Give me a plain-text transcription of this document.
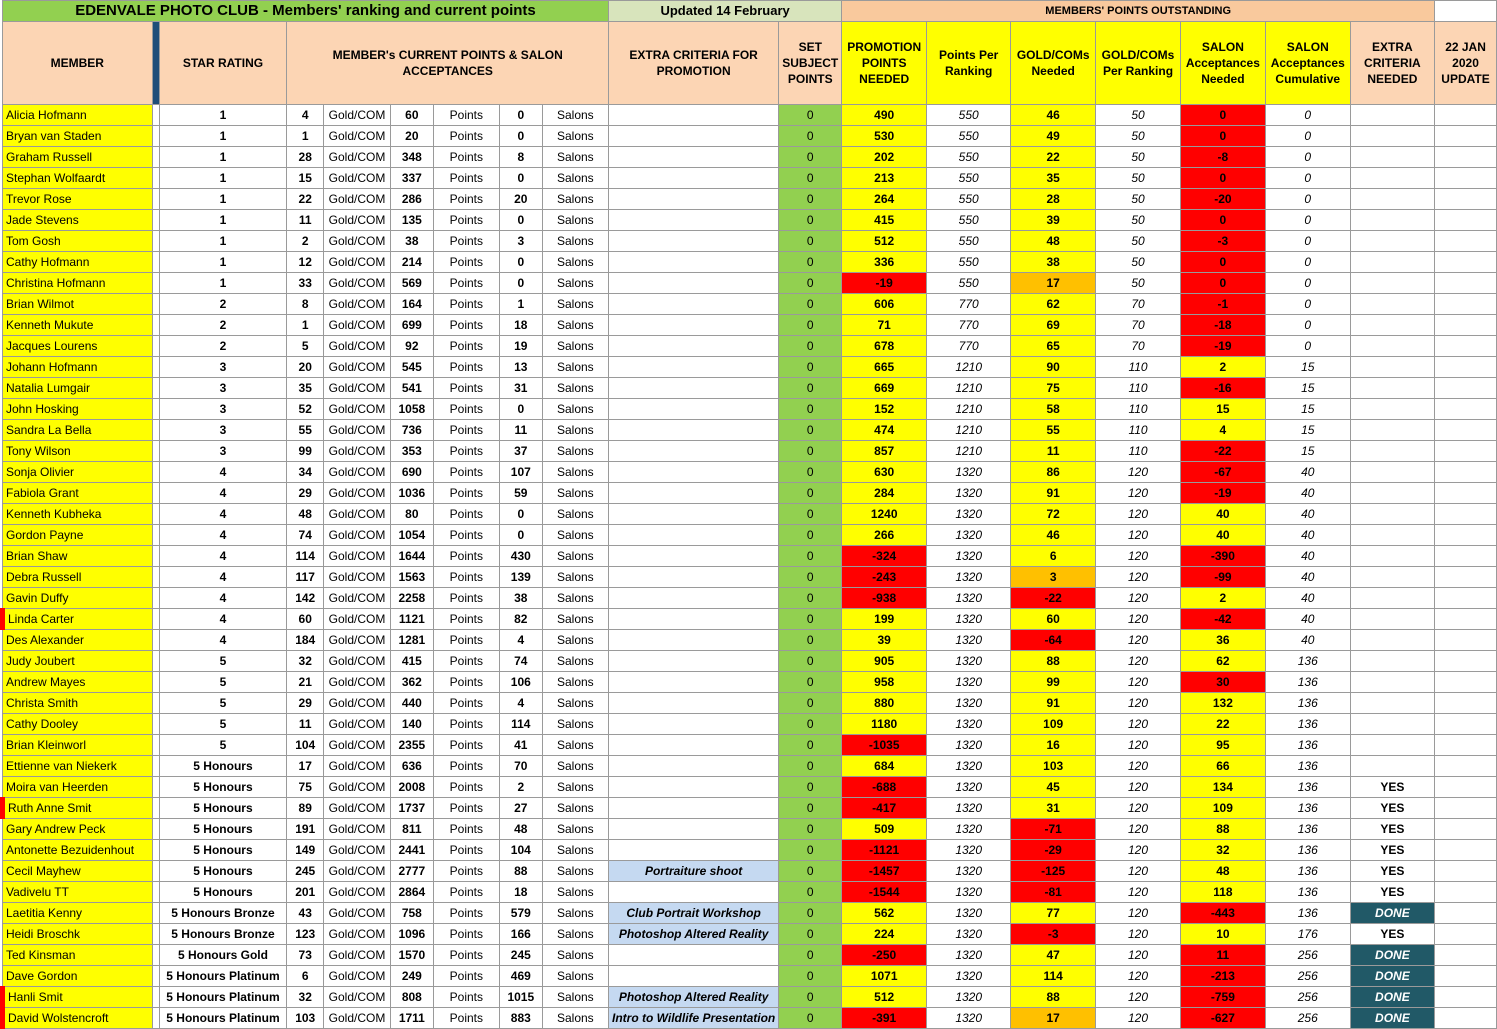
EDENVALE PHOTO CLUB - Members' ranking and current points									Updated 14 February		MEMBERS' POINTS OUTSTANDING							
MEMBER		STAR RATING	MEMBER's CURRENT POINTS & SALON ACCEPTANCES						EXTRA CRITERIA FOR PROMOTION	SET SUBJECT POINTS	PROMOTION POINTS NEEDED	Points Per Ranking	GOLD/COMs Needed	GOLD/COMs Per Ranking	SALON Acceptances Needed	SALON Acceptances Cumulative	EXTRA CRITERIA NEEDED	22 JAN 2020 UPDATE
Alicia Hofmann		1	4	Gold/COM	60	Points	0	Salons		0	490	550	46	50	0	0		
Bryan van Staden		1	1	Gold/COM	20	Points	0	Salons		0	530	550	49	50	0	0		
Graham Russell		1	28	Gold/COM	348	Points	8	Salons		0	202	550	22	50	-8	0		
Stephan Wolfaardt		1	15	Gold/COM	337	Points	0	Salons		0	213	550	35	50	0	0		
Trevor Rose		1	22	Gold/COM	286	Points	20	Salons		0	264	550	28	50	-20	0		
Jade Stevens		1	11	Gold/COM	135	Points	0	Salons		0	415	550	39	50	0	0		
Tom Gosh		1	2	Gold/COM	38	Points	3	Salons		0	512	550	48	50	-3	0		
Cathy Hofmann		1	12	Gold/COM	214	Points	0	Salons		0	336	550	38	50	0	0		
Christina Hofmann		1	33	Gold/COM	569	Points	0	Salons		0	-19	550	17	50	0	0		
Brian Wilmot		2	8	Gold/COM	164	Points	1	Salons		0	606	770	62	70	-1	0		
Kenneth Mukute		2	1	Gold/COM	699	Points	18	Salons		0	71	770	69	70	-18	0		
Jacques Lourens		2	5	Gold/COM	92	Points	19	Salons		0	678	770	65	70	-19	0		
Johann Hofmann		3	20	Gold/COM	545	Points	13	Salons		0	665	1210	90	110	2	15		
Natalia Lumgair		3	35	Gold/COM	541	Points	31	Salons		0	669	1210	75	110	-16	15		
John Hosking		3	52	Gold/COM	1058	Points	0	Salons		0	152	1210	58	110	15	15		
Sandra La Bella		3	55	Gold/COM	736	Points	11	Salons		0	474	1210	55	110	4	15		
Tony Wilson		3	99	Gold/COM	353	Points	37	Salons		0	857	1210	11	110	-22	15		
Sonja Olivier		4	34	Gold/COM	690	Points	107	Salons		0	630	1320	86	120	-67	40		
Fabiola Grant		4	29	Gold/COM	1036	Points	59	Salons		0	284	1320	91	120	-19	40		
Kenneth Kubheka		4	48	Gold/COM	80	Points	0	Salons		0	1240	1320	72	120	40	40		
Gordon Payne		4	74	Gold/COM	1054	Points	0	Salons		0	266	1320	46	120	40	40		
Brian Shaw		4	114	Gold/COM	1644	Points	430	Salons		0	-324	1320	6	120	-390	40		
Debra Russell		4	117	Gold/COM	1563	Points	139	Salons		0	-243	1320	3	120	-99	40		
Gavin Duffy		4	142	Gold/COM	2258	Points	38	Salons		0	-938	1320	-22	120	2	40		
Linda Carter		4	60	Gold/COM	1121	Points	82	Salons		0	199	1320	60	120	-42	40		
Des Alexander		4	184	Gold/COM	1281	Points	4	Salons		0	39	1320	-64	120	36	40		
Judy Joubert		5	32	Gold/COM	415	Points	74	Salons		0	905	1320	88	120	62	136		
Andrew Mayes		5	21	Gold/COM	362	Points	106	Salons		0	958	1320	99	120	30	136		
Christa Smith		5	29	Gold/COM	440	Points	4	Salons		0	880	1320	91	120	132	136		
Cathy Dooley		5	11	Gold/COM	140	Points	114	Salons		0	1180	1320	109	120	22	136		
Brian Kleinworl		5	104	Gold/COM	2355	Points	41	Salons		0	-1035	1320	16	120	95	136		
Ettienne van Niekerk		5 Honours	17	Gold/COM	636	Points	70	Salons		0	684	1320	103	120	66	136		
Moira van Heerden		5 Honours	75	Gold/COM	2008	Points	2	Salons		0	-688	1320	45	120	134	136	YES	
Ruth Anne Smit		5 Honours	89	Gold/COM	1737	Points	27	Salons		0	-417	1320	31	120	109	136	YES	
Gary Andrew Peck		5 Honours	191	Gold/COM	811	Points	48	Salons		0	509	1320	-71	120	88	136	YES	
Antonette Bezuidenhout		5 Honours	149	Gold/COM	2441	Points	104	Salons		0	-1121	1320	-29	120	32	136	YES	
Cecil Mayhew		5 Honours	245	Gold/COM	2777	Points	88	Salons	Portraiture shoot	0	-1457	1320	-125	120	48	136	YES	
Vadivelu TT		5 Honours	201	Gold/COM	2864	Points	18	Salons		0	-1544	1320	-81	120	118	136	YES	
Laetitia Kenny		5 Honours Bronze	43	Gold/COM	758	Points	579	Salons	Club Portrait Workshop	0	562	1320	77	120	-443	136	DONE	
Heidi Broschk		5 Honours Bronze	123	Gold/COM	1096	Points	166	Salons	Photoshop Altered Reality	0	224	1320	-3	120	10	176	YES	
Ted Kinsman		5 Honours Gold	73	Gold/COM	1570	Points	245	Salons		0	-250	1320	47	120	11	256	DONE	
Dave Gordon		5 Honours Platinum	6	Gold/COM	249	Points	469	Salons		0	1071	1320	114	120	-213	256	DONE	
Hanli Smit		5 Honours Platinum	32	Gold/COM	808	Points	1015	Salons	Photoshop Altered Reality	0	512	1320	88	120	-759	256	DONE	
David Wolstencroft		5 Honours Platinum	103	Gold/COM	1711	Points	883	Salons	Intro to Wildlife Presentation	0	-391	1320	17	120	-627	256	DONE	
